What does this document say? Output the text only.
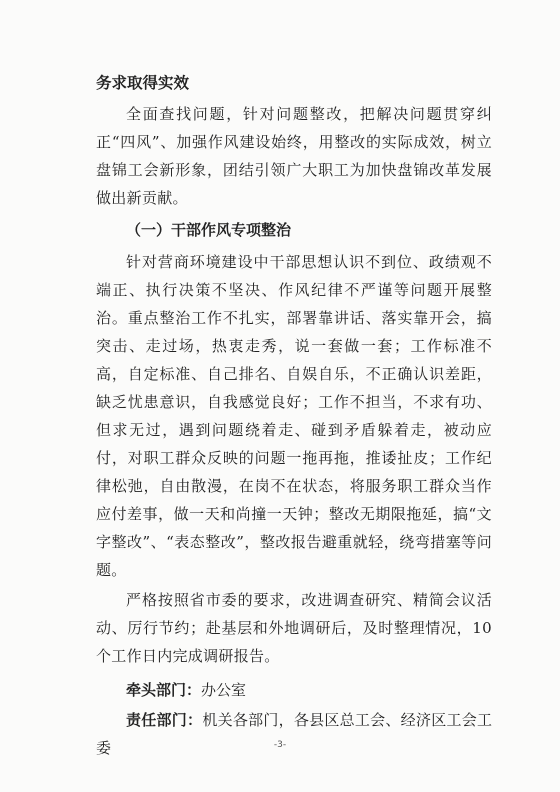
务求取得实效

全面查找问题，针对问题整改，把解决问题贯穿纠正“四风”、加强作风建设始终，用整改的实际成效，树立盘锦工会新形象，团结引领广大职工为加快盘锦改革发展做出新贡献。

（一）干部作风专项整治

针对营商环境建设中干部思想认识不到位、政绩观不端正、执行决策不坚决、作风纪律不严谨等问题开展整治。重点整治工作不扎实，部署靠讲话、落实靠开会，搞突击、走过场，热衷走秀，说一套做一套；工作标准不高，自定标准、自己排名、自娱自乐，不正确认识差距，缺乏忧患意识，自我感觉良好；工作不担当，不求有功、但求无过，遇到问题绕着走、碰到矛盾躲着走，被动应付，对职工群众反映的问题一拖再拖，推诿扯皮；工作纪律松弛，自由散漫，在岗不在状态，将服务职工群众当作应付差事，做一天和尚撞一天钟；整改无期限拖延，搞“文字整改”、“表态整改”，整改报告避重就轻，绕弯措塞等问题。

严格按照省市委的要求，改进调查研究、精简会议活动、厉行节约；赴基层和外地调研后，及时整理情况，10个工作日内完成调研报告。

牵头部门：办公室

责任部门：机关各部门，各县区总工会、经济区工会工委	-3-
